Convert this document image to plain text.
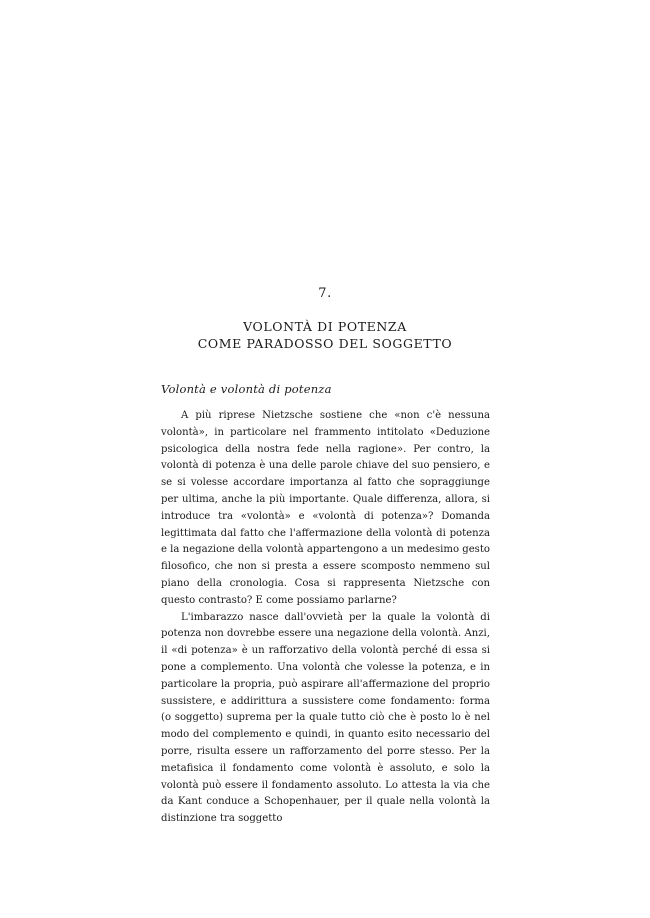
7.
VOLONTÀ DI POTENZA
COME PARADOSSO DEL SOGGETTO
Volontà e volontà di potenza

A più riprese Nietzsche sostiene che «non c'è nessuna volontà», in particolare nel frammento intitolato «Deduzione psicologica della nostra fede nella ragione». Per contro, la volontà di potenza è una delle parole chiave del suo pensiero, e se si volesse accordare importanza al fatto che sopraggiunge per ultima, anche la più importante. Quale differenza, allora, si introduce tra «volontà» e «volontà di potenza»? Domanda legittimata dal fatto che l'affermazione della volontà di potenza e la negazione della volontà appartengono a un medesimo gesto filosofico, che non si presta a essere scomposto nemmeno sul piano della cronologia. Cosa si rappresenta Nietzsche con questo contrasto? E come possiamo parlarne?

L'imbarazzo nasce dall'ovvietà per la quale la volontà di potenza non dovrebbe essere una negazione della volontà. Anzi, il «di potenza» è un rafforzativo della volontà perché di essa si pone a complemento. Una volontà che volesse la potenza, e in particolare la propria, può aspirare all'affermazione del proprio sussistere, e addirittura a sussistere come fondamento: forma (o soggetto) suprema per la quale tutto ciò che è posto lo è nel modo del complemento e quindi, in quanto esito necessario del porre, risulta essere un rafforzamento del porre stesso. Per la metafisica il fondamento come volontà è assoluto, e solo la volontà può essere il fondamento assoluto. Lo attesta la via che da Kant conduce a Schopenhauer, per il quale nella volontà la distinzione tra soggetto
